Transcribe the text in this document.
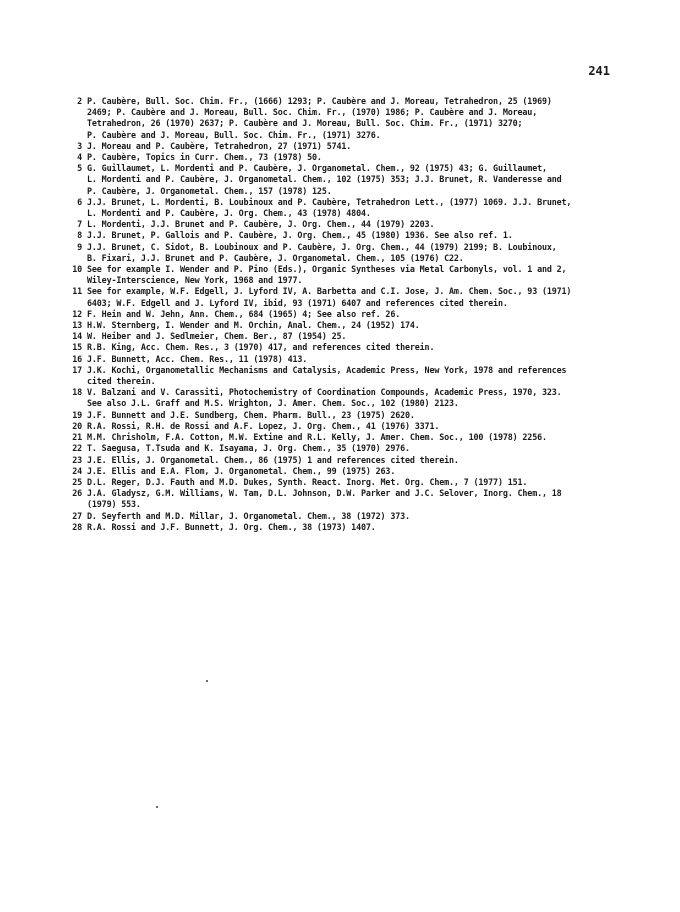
241
2 P. Caubère, Bull. Soc. Chim. Fr., (1666) 1293; P. Caubère and J. Moreau, Tetrahedron, 25 (1969)
2469; P. Caubère and J. Moreau, Bull. Soc. Chim. Fr., (1970) 1986; P. Caubère and J. Moreau,
Tetrahedron, 26 (1970) 2637; P. Caubère and J. Moreau, Bull. Soc. Chim. Fr., (1971) 3270;
P. Caubère and J. Moreau, Bull. Soc. Chim. Fr., (1971) 3276.
3 J. Moreau and P. Caubère, Tetrahedron, 27 (1971) 5741.
4 P. Caubère, Topics in Curr. Chem., 73 (1978) 50.
5 G. Guillaumet, L. Mordenti and P. Caubère, J. Organometal. Chem., 92 (1975) 43; G. Guillaumet,
L. Mordenti and P. Caubère, J. Organometal. Chem., 102 (1975) 353; J.J. Brunet, R. Vanderesse and
P. Caubère, J. Organometal. Chem., 157 (1978) 125.
6 J.J. Brunet, L. Mordenti, B. Loubinoux and P. Caubère, Tetrahedron Lett., (1977) 1069. J.J. Brunet,
L. Mordenti and P. Caubère, J. Org. Chem., 43 (1978) 4804.
7 L. Mordenti, J.J. Brunet and P. Caubère, J. Org. Chem., 44 (1979) 2203.
8 J.J. Brunet, P. Gallois and P. Caubère, J. Org. Chem., 45 (1980) 1936. See also ref. 1.
9 J.J. Brunet, C. Sidot, B. Loubinoux and P. Caubère, J. Org. Chem., 44 (1979) 2199; B. Loubinoux,
B. Fixari, J.J. Brunet and P. Caubère, J. Organometal. Chem., 105 (1976) C22.
10 See for example I. Wender and P. Pino (Eds.), Organic Syntheses via Metal Carbonyls, vol. 1 and 2,
Wiley-Interscience, New York, 1968 and 1977.
11 See for example, W.F. Edgell, J. Lyford IV, A. Barbetta and C.I. Jose, J. Am. Chem. Soc., 93 (1971)
6403; W.F. Edgell and J. Lyford IV, ibid, 93 (1971) 6407 and references cited therein.
12 F. Hein and W. Jehn, Ann. Chem., 684 (1965) 4; See also ref. 26.
13 H.W. Sternberg, I. Wender and M. Orchin, Anal. Chem., 24 (1952) 174.
14 W. Heiber and J. Sedlmeier, Chem. Ber., 87 (1954) 25.
15 R.B. King, Acc. Chem. Res., 3 (1970) 417, and references cited therein.
16 J.F. Bunnett, Acc. Chem. Res., 11 (1978) 413.
17 J.K. Kochi, Organometallic Mechanisms and Catalysis, Academic Press, New York, 1978 and references
cited therein.
18 V. Balzani and V. Carassiti, Photochemistry of Coordination Compounds, Academic Press, 1970, 323.
See also J.L. Graff and M.S. Wrighton, J. Amer. Chem. Soc., 102 (1980) 2123.
19 J.F. Bunnett and J.E. Sundberg, Chem. Pharm. Bull., 23 (1975) 2620.
20 R.A. Rossi, R.H. de Rossi and A.F. Lopez, J. Org. Chem., 41 (1976) 3371.
21 M.M. Chrisholm, F.A. Cotton, M.W. Extine and R.L. Kelly, J. Amer. Chem. Soc., 100 (1978) 2256.
22 T. Saegusa, T.Tsuda and K. Isayama, J. Org. Chem., 35 (1970) 2976.
23 J.E. Ellis, J. Organometal. Chem., 86 (1975) 1 and references cited therein.
24 J.E. Ellis and E.A. Flom, J. Organometal. Chem., 99 (1975) 263.
25 D.L. Reger, D.J. Fauth and M.D. Dukes, Synth. React. Inorg. Met. Org. Chem., 7 (1977) 151.
26 J.A. Gladysz, G.M. Williams, W. Tam, D.L. Johnson, D.W. Parker and J.C. Selover, Inorg. Chem., 18
(1979) 553.
27 D. Seyferth and M.D. Millar, J. Organometal. Chem., 38 (1972) 373.
28 R.A. Rossi and J.F. Bunnett, J. Org. Chem., 38 (1973) 1407.
